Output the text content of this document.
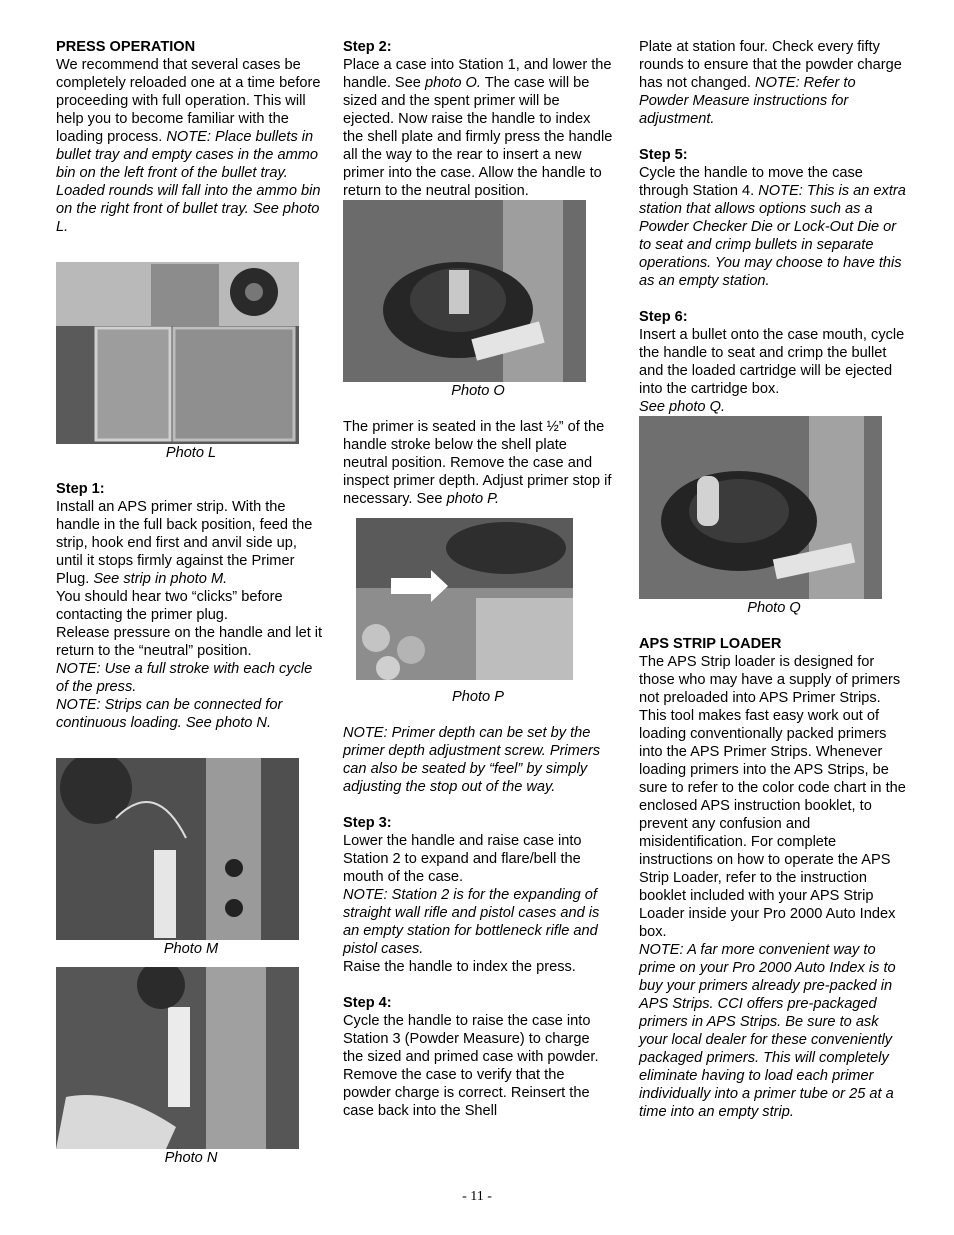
PRESS OPERATION
We recommend that several cases be completely reloaded one at a time before proceeding with full operation. This will help you to become familiar with the loading process. NOTE: Place bullets in bullet tray and empty cases in the ammo bin on the left front of the bullet tray. Loaded rounds will fall into the ammo bin on the right front of bullet tray. See photo L.

Photo L

Step 1:
Install an APS primer strip. With the handle in the full back position, feed the strip, hook end first and anvil side up, until it stops firmly against the Primer Plug. See strip in photo M.
You should hear two “clicks” before contacting the primer plug.
Release pressure on the handle and let it return to the “neutral” position.
NOTE: Use a full stroke with each cycle of the press.
NOTE: Strips can be connected for continuous loading. See photo N.

Photo M
Photo N

Step 2:
Place a case into Station 1, and lower the handle. See photo O. The case will be sized and the spent primer will be ejected. Now raise the handle to index the shell plate and firmly press the handle all the way to the rear to insert a new primer into the case. Allow the handle to return to the neutral position.

Photo O

The primer is seated in the last ½” of the handle stroke below the shell plate neutral position. Remove the case and inspect primer depth. Adjust primer stop if necessary. See photo P.

Photo P

NOTE: Primer depth can be set by the primer depth adjustment screw. Primers can also be seated by “feel” by simply adjusting the stop out of the way.

Step 3:
Lower the handle and raise case into Station 2 to expand and flare/bell the mouth of the case.
NOTE: Station 2 is for the expanding of straight wall rifle and pistol cases and is an empty station for bottleneck rifle and pistol cases.
Raise the handle to index the press.

Step 4:
Cycle the handle to raise the case into Station 3 (Powder Measure) to charge the sized and primed case with powder. Remove the case to verify that the powder charge is correct. Reinsert the case back into the Shell

Plate at station four. Check every fifty rounds to ensure that the powder charge has not changed. NOTE: Refer to Powder Measure instructions for adjustment.

Step 5:
Cycle the handle to move the case through Station 4. NOTE: This is an extra station that allows options such as a Powder Checker Die or Lock-Out Die or to seat and crimp bullets in separate operations. You may choose to have this as an empty station.

Step 6:
Insert a bullet onto the case mouth, cycle the handle to seat and crimp the bullet and the loaded cartridge will be ejected into the cartridge box.
See photo Q.

Photo Q

APS STRIP LOADER
The APS Strip loader is designed for those who may have a supply of primers not preloaded into APS Primer Strips. This tool makes fast easy work out of loading conventionally packed primers into the APS Primer Strips. Whenever loading primers into the APS Strips, be sure to refer to the color code chart in the enclosed APS instruction booklet, to prevent any confusion and misidentification. For complete instructions on how to operate the APS Strip Loader, refer to the instruction booklet included with your APS Strip Loader inside your Pro 2000 Auto Index box.
NOTE: A far more convenient way to prime on your Pro 2000 Auto Index is to buy your primers already pre-packed in APS Strips. CCI offers pre-packaged primers in APS Strips. Be sure to ask your local dealer for these conveniently packaged primers. This will completely eliminate having to load each primer individually into a primer tube or 25 at a time into an empty strip.

- 11 -
